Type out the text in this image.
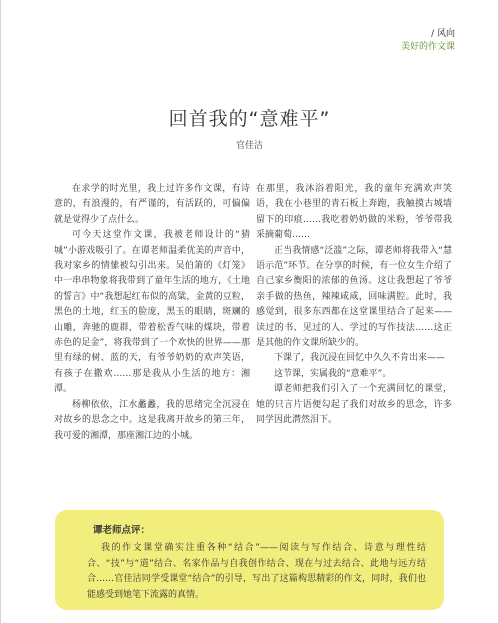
/ 风向
美好的作文课
回首我的“意难平”
官佳洁

在求学的时光里，我上过许多作文课，有诗意的，有浪漫的，有严谨的，有活跃的，可偏偏就是觉得少了点什么。

可今天这堂作文课，我被老师设计的“猜城”小游戏吸引了。在谭老师温柔优美的声音中，我对家乡的情愫被勾引出来。吴伯箫的《灯笼》中一串串物象将我带到了童年生活的地方，《土地的誓言》中“我想起红布似的高粱，金黄的豆粒，黑色的土地，红玉的脸庞，黑玉的眼睛，斑斓的山雕，奔驰的鹿群，带着松香气味的煤块，带着赤色的足金”，将我带到了一个欢快的世界——那里有绿的树、蓝的天，有爷爷奶奶的欢声笑语，有孩子在撒欢……那是我从小生活的地方：湘潭。

杨柳依依，江水蠡蠡，我的思绪完全沉浸在对故乡的思念之中。这是我离开故乡的第三年，我可爱的湘潭，那座湘江边的小城。

在那里，我沐浴着阳光，我的童年充满欢声笑语，我在小巷里的青石板上奔跑，我触摸古城墙留下的印痕……我吃着奶奶做的米粉，爷爷带我采摘葡萄……

正当我情感“泛滥”之际，谭老师将我带入“慧语示范”环节。在分享的时候，有一位女生介绍了自己家乡衡阳的浓郁的鱼汤。这让我想起了爷爷亲手做的热鱼，辣辣咸咸，回味满腔。此时，我感觉到，很多东西都在这堂课里结合了起来——读过的书、见过的人、学过的写作技法……这正是其他的作文课所缺少的。

下课了，我沉浸在回忆中久久不肯出来——

这节课，实属我的“意难平”。

谭老师把我们引入了一个充满回忆的课堂，她的只言片语便勾起了我们对故乡的思念，许多同学因此潸然泪下。

谭老师点评：

我的作文课堂确实注重各种“结合”——阅读与写作结合、诗意与理性结合、“技”与“道”结合、名家作品与自我创作结合、现在与过去结合、此地与远方结合……官佳洁同学受课堂“结合”的引导，写出了这篇构思精彩的作文，同时，我们也能感受到她笔下流露的真情。
